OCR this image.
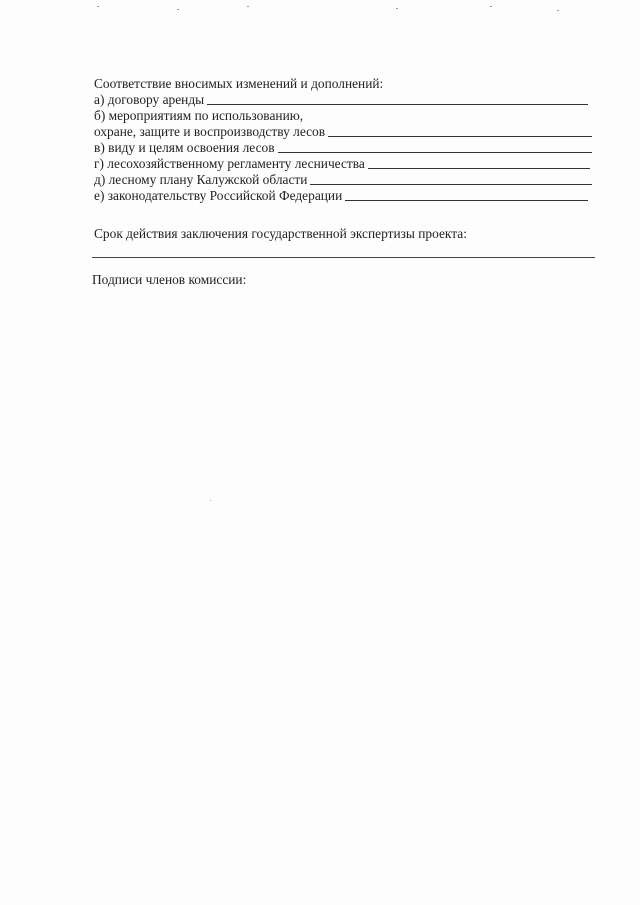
Соответствие вносимых изменений и дополнений:
а) договору аренды
б) мероприятиям по использованию,
охране, защите и воспроизводству лесов
в) виду и целям освоения лесов
г) лесохозяйственному регламенту лесничества
д) лесному плану Калужской области
е) законодательству Российской Федерации
Срок действия заключения государственной экспертизы проекта:
Подписи членов комиссии:
